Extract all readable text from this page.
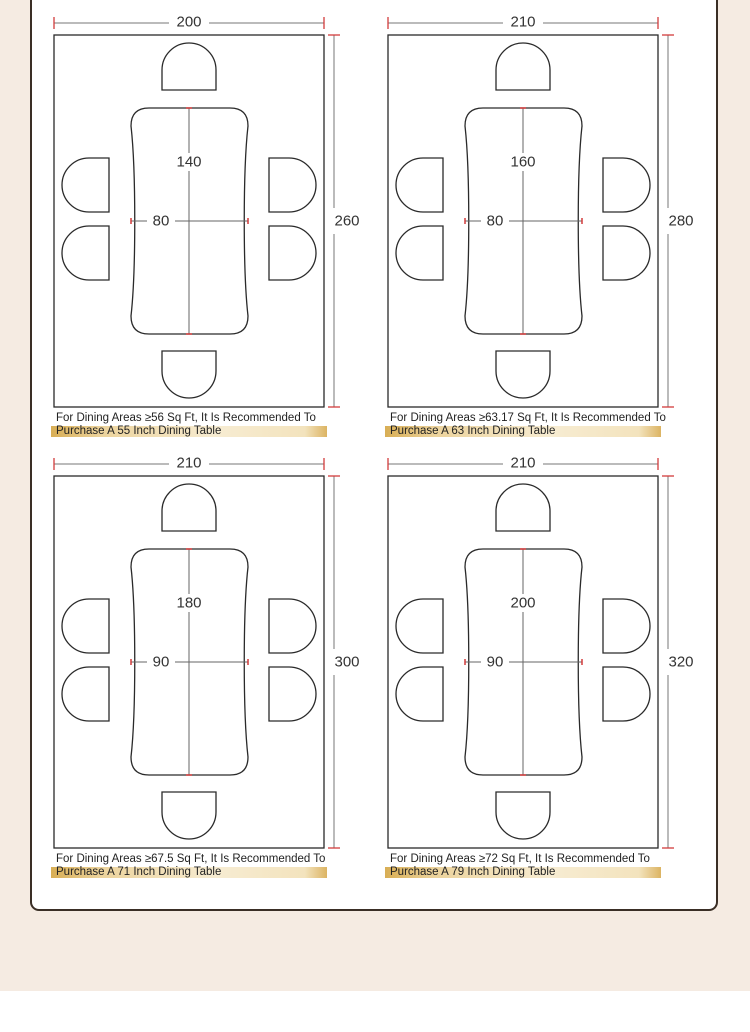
200
260
140
80
For Dining Areas ≥56 Sq Ft, It Is Recommended To Purchase A 55 Inch Dining Table
210
280
160
80
For Dining Areas ≥63.17 Sq Ft, It Is Recommended To Purchase A 63 Inch Dining Table
210
300
180
90
For Dining Areas ≥67.5 Sq Ft, It Is Recommended To Purchase A 71 Inch Dining Table
210
320
200
90
For Dining Areas ≥72 Sq Ft, It Is Recommended To Purchase A 79 Inch Dining Table
